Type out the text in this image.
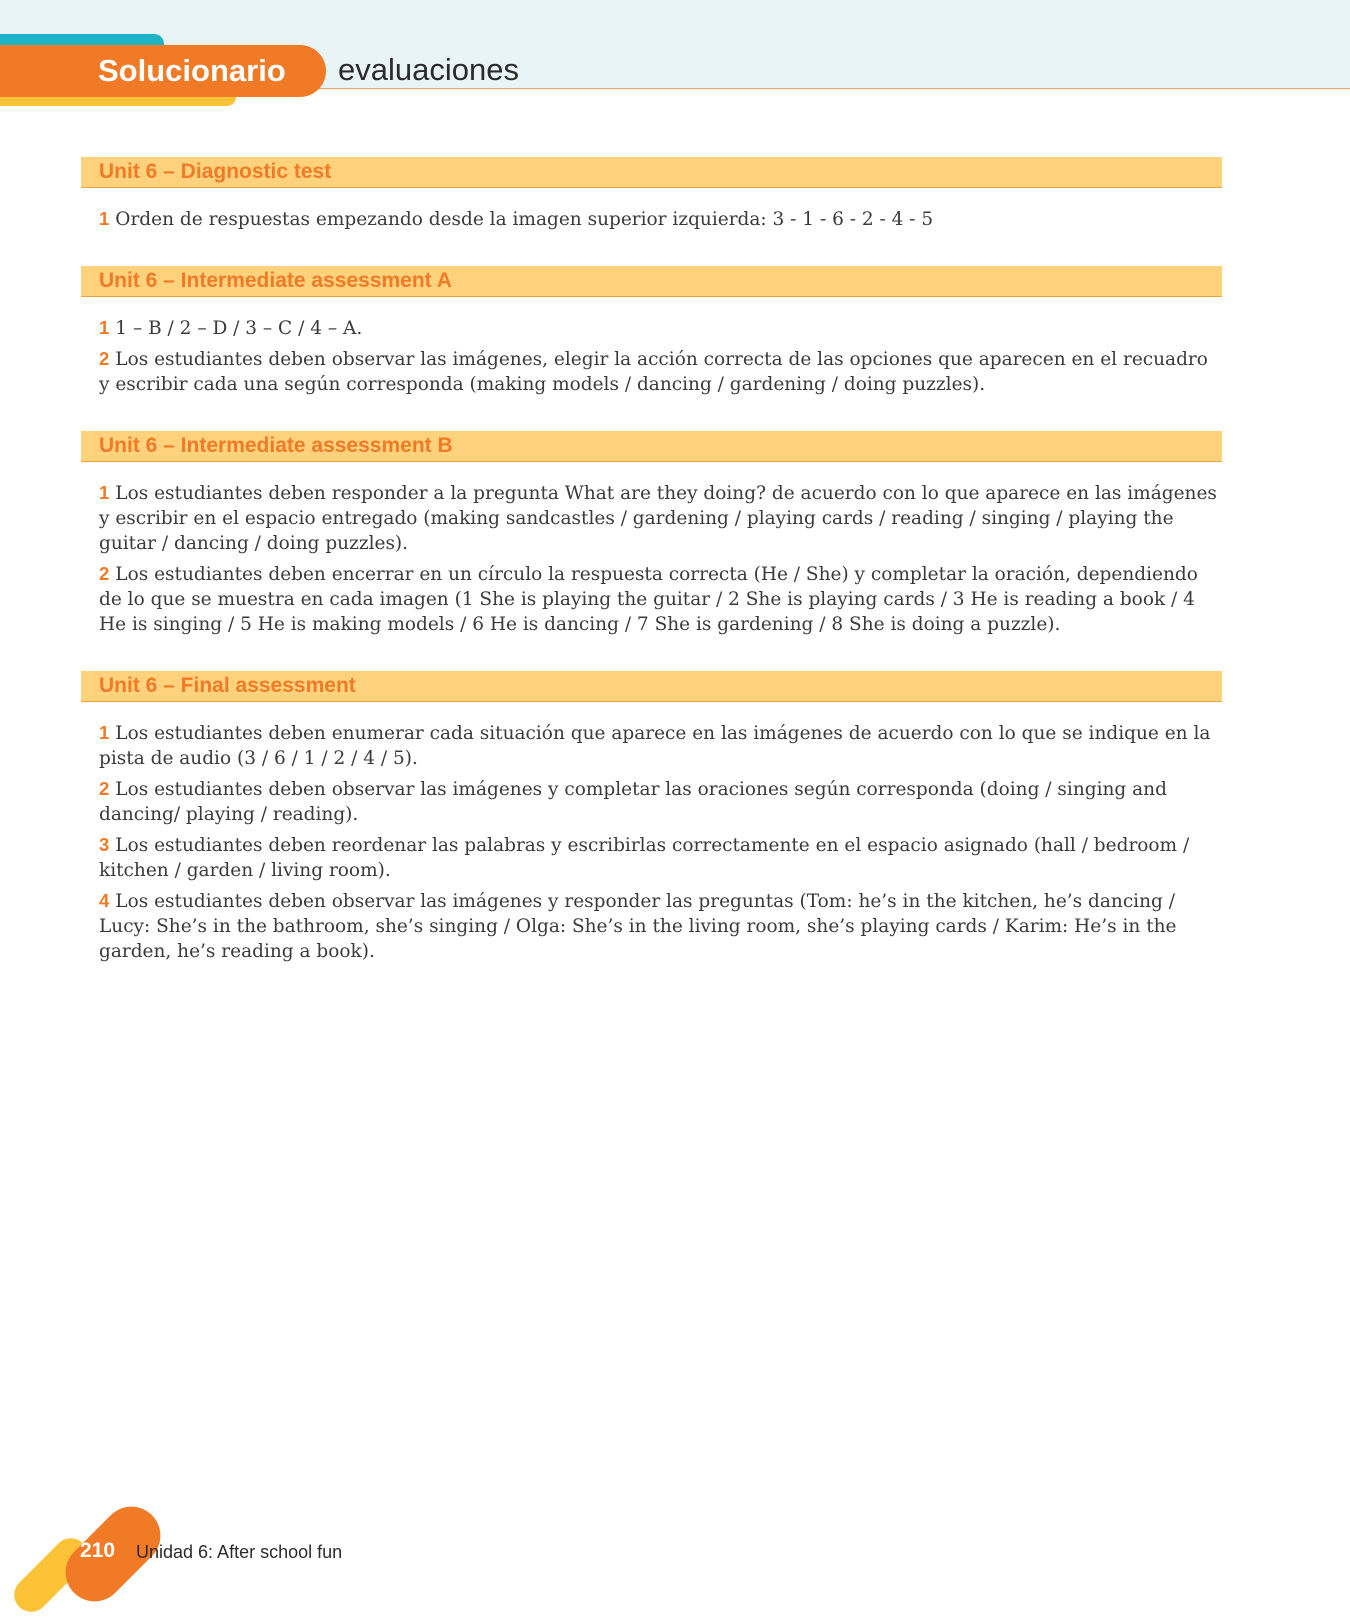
Solucionario evaluaciones
Unit 6 – Diagnostic test
1 Orden de respuestas empezando desde la imagen superior izquierda: 3 - 1 - 6 - 2 - 4 - 5
Unit 6 – Intermediate assessment A
1 1 – B / 2 – D / 3 – C / 4 – A.
2 Los estudiantes deben observar las imágenes, elegir la acción correcta de las opciones que aparecen en el recuadro y escribir cada una según corresponda (making models / dancing / gardening / doing puzzles).
Unit 6 – Intermediate assessment B
1 Los estudiantes deben responder a la pregunta What are they doing? de acuerdo con lo que aparece en las imágenes y escribir en el espacio entregado (making sandcastles / gardening / playing cards / reading / singing / playing the guitar / dancing / doing puzzles).
2 Los estudiantes deben encerrar en un círculo la respuesta correcta (He / She) y completar la oración, dependiendo de lo que se muestra en cada imagen (1 She is playing the guitar / 2 She is playing cards / 3 He is reading a book / 4 He is singing / 5 He is making models / 6 He is dancing / 7 She is gardening / 8 She is doing a puzzle).
Unit 6 – Final assessment
1 Los estudiantes deben enumerar cada situación que aparece en las imágenes de acuerdo con lo que se indique en la pista de audio (3 / 6 / 1 / 2 / 4 / 5).
2 Los estudiantes deben observar las imágenes y completar las oraciones según corresponda (doing / singing and dancing/ playing / reading).
3 Los estudiantes deben reordenar las palabras y escribirlas correctamente en el espacio asignado (hall / bedroom / kitchen / garden / living room).
4 Los estudiantes deben observar las imágenes y responder las preguntas (Tom: he’s in the kitchen, he’s dancing / Lucy: She’s in the bathroom, she’s singing / Olga: She’s in the living room, she’s playing cards / Karim: He’s in the garden, he’s reading a book).
210	Unidad 6: After school fun
